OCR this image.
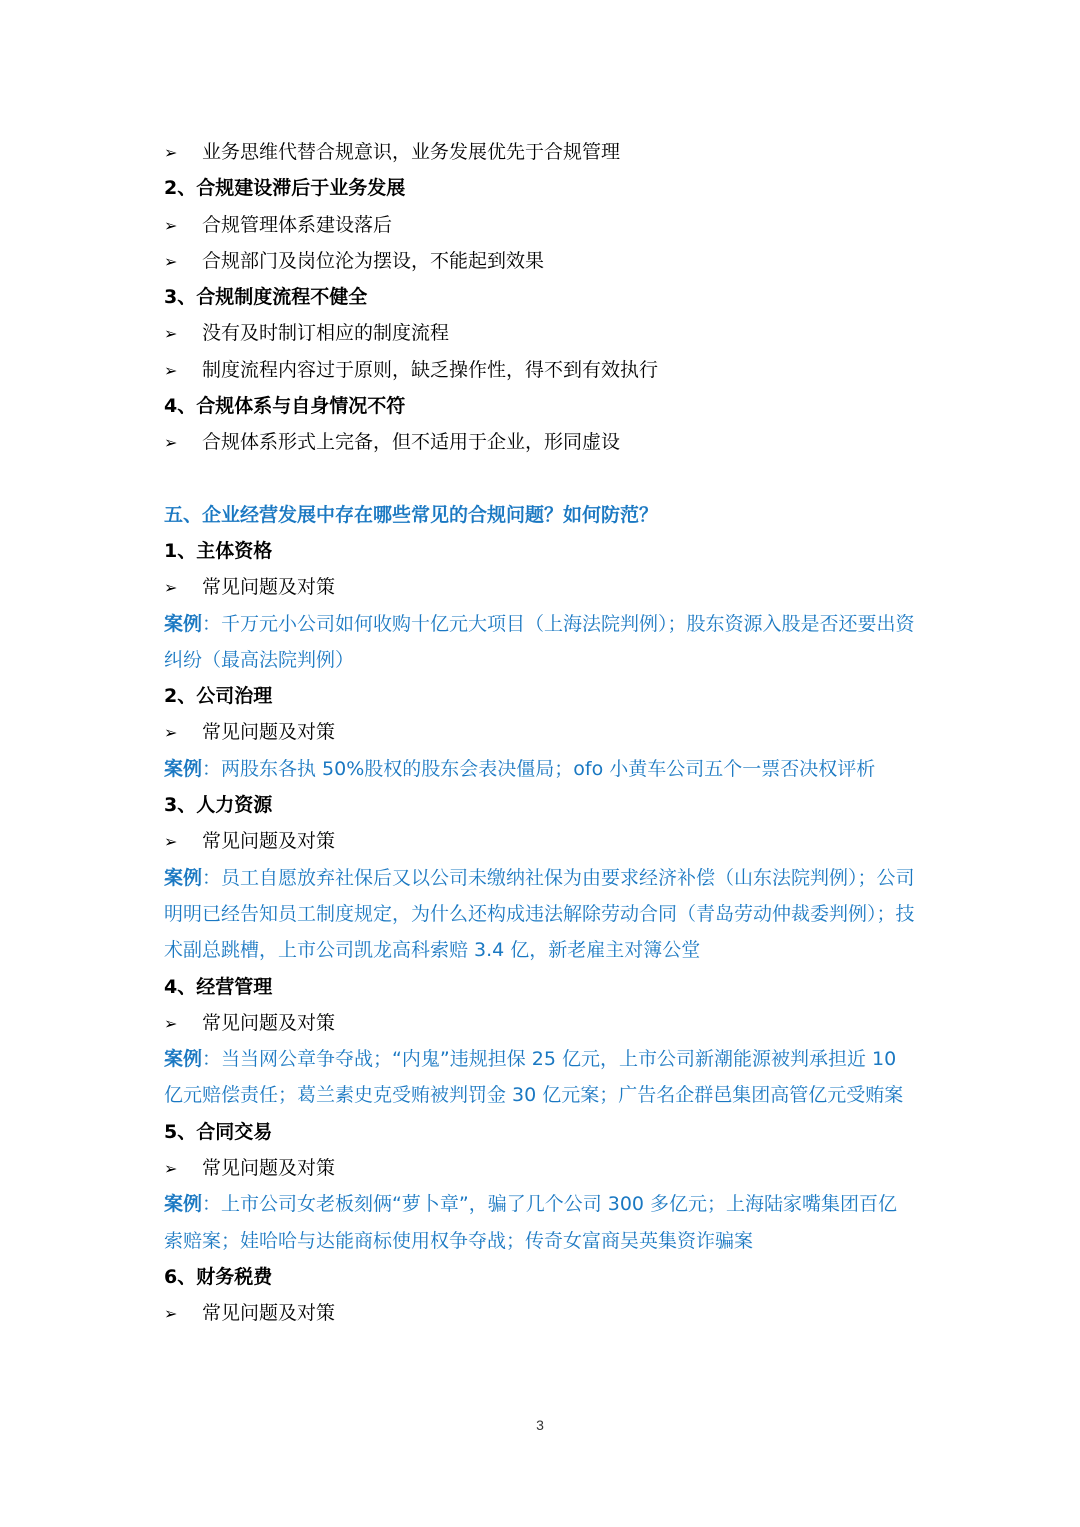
➢ 业务思维代替合规意识，业务发展优先于合规管理
2、合规建设滞后于业务发展
➢ 合规管理体系建设落后
➢ 合规部门及岗位沦为摆设，不能起到效果
3、合规制度流程不健全
➢ 没有及时制订相应的制度流程
➢ 制度流程内容过于原则，缺乏操作性，得不到有效执行
4、合规体系与自身情况不符
➢ 合规体系形式上完备，但不适用于企业，形同虚设
五、企业经营发展中存在哪些常见的合规问题？如何防范？
1、主体资格
➢ 常见问题及对策
案例：千万元小公司如何收购十亿元大项目（上海法院判例）；股东资源入股是否还要出资
纠纷（最高法院判例）
2、公司治理
➢ 常见问题及对策
案例：两股东各执 50%股权的股东会表决僵局；ofo 小黄车公司五个一票否决权评析
3、人力资源
➢ 常见问题及对策
案例：员工自愿放弃社保后又以公司未缴纳社保为由要求经济补偿（山东法院判例）；公司
明明已经告知员工制度规定，为什么还构成违法解除劳动合同（青岛劳动仲裁委判例）；技
术副总跳槽，上市公司凯龙高科索赔 3.4 亿，新老雇主对簿公堂
4、经营管理
➢ 常见问题及对策
案例：当当网公章争夺战；“内鬼”违规担保 25 亿元，上市公司新潮能源被判承担近 10
亿元赔偿责任；葛兰素史克受贿被判罚金 30 亿元案；广告名企群邑集团高管亿元受贿案
5、合同交易
➢ 常见问题及对策
案例：上市公司女老板刻俩“萝卜章”，骗了几个公司 300 多亿元；上海陆家嘴集团百亿
索赔案；娃哈哈与达能商标使用权争夺战；传奇女富商吴英集资诈骗案
6、财务税费
➢ 常见问题及对策
3
